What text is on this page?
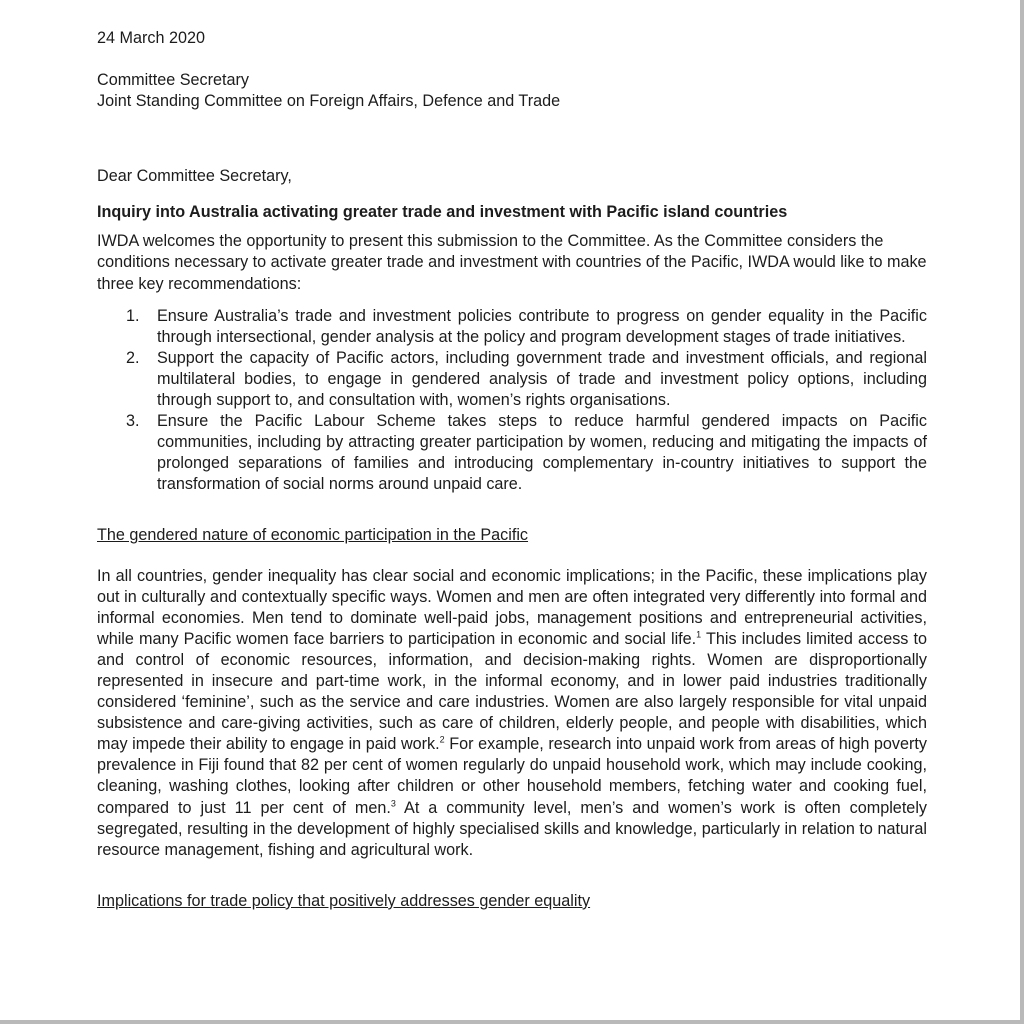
24 March 2020

Committee Secretary
Joint Standing Committee on Foreign Affairs, Defence and Trade

Dear Committee Secretary,

Inquiry into Australia activating greater trade and investment with Pacific island countries

IWDA welcomes the opportunity to present this submission to the Committee. As the Committee considers the conditions necessary to activate greater trade and investment with countries of the Pacific, IWDA would like to make three key recommendations:

1. Ensure Australia’s trade and investment policies contribute to progress on gender equality in the Pacific through intersectional, gender analysis at the policy and program development stages of trade initiatives.
2. Support the capacity of Pacific actors, including government trade and investment officials, and regional multilateral bodies, to engage in gendered analysis of trade and investment policy options, including through support to, and consultation with, women’s rights organisations.
3. Ensure the Pacific Labour Scheme takes steps to reduce harmful gendered impacts on Pacific communities, including by attracting greater participation by women, reducing and mitigating the impacts of prolonged separations of families and introducing complementary in-country initiatives to support the transformation of social norms around unpaid care.

The gendered nature of economic participation in the Pacific

In all countries, gender inequality has clear social and economic implications; in the Pacific, these implications play out in culturally and contextually specific ways. Women and men are often integrated very differently into formal and informal economies. Men tend to dominate well-paid jobs, management positions and entrepreneurial activities, while many Pacific women face barriers to participation in economic and social life.$^1$ This includes limited access to and control of economic resources, information, and decision-making rights. Women are disproportionally represented in insecure and part-time work, in the informal economy, and in lower paid industries traditionally considered ‘feminine’, such as the service and care industries. Women are also largely responsible for vital unpaid subsistence and care-giving activities, such as care of children, elderly people, and people with disabilities, which may impede their ability to engage in paid work.$^2$ For example, research into unpaid work from areas of high poverty prevalence in Fiji found that 82 per cent of women regularly do unpaid household work, which may include cooking, cleaning, washing clothes, looking after children or other household members, fetching water and cooking fuel, compared to just 11 per cent of men.$^3$ At a community level, men’s and women’s work is often completely segregated, resulting in the development of highly specialised skills and knowledge, particularly in relation to natural resource management, fishing and agricultural work.

Implications for trade policy that positively addresses gender equality
